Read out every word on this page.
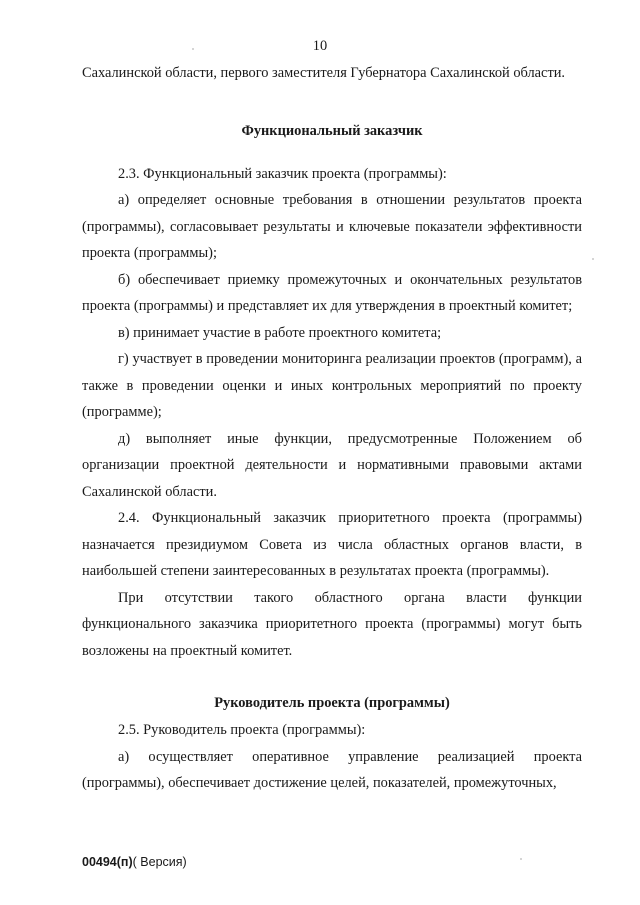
10

Сахалинской области, первого заместителя Губернатора Сахалинской области.

Функциональный заказчик

2.3. Функциональный заказчик проекта (программы):

а) определяет основные требования в отношении результатов проекта (программы), согласовывает результаты и ключевые показатели эффективности проекта (программы);

б) обеспечивает приемку промежуточных и окончательных результатов проекта (программы) и представляет их для утверждения в проектный комитет;

в) принимает участие в работе проектного комитета;

г) участвует в проведении мониторинга реализации проектов (программ), а также в проведении оценки и иных контрольных мероприятий по проекту (программе);

д) выполняет иные функции, предусмотренные Положением об организации проектной деятельности и нормативными правовыми актами Сахалинской области.

2.4. Функциональный заказчик приоритетного проекта (программы) назначается президиумом Совета из числа областных органов власти, в наибольшей степени заинтересованных в результатах проекта (программы).

При отсутствии такого областного органа власти функции функционального заказчика приоритетного проекта (программы) могут быть возложены на проектный комитет.

Руководитель проекта (программы)

2.5. Руководитель проекта (программы):

а) осуществляет оперативное управление реализацией проекта (программы), обеспечивает достижение целей, показателей, промежуточных,

00494(п)( Версия)
